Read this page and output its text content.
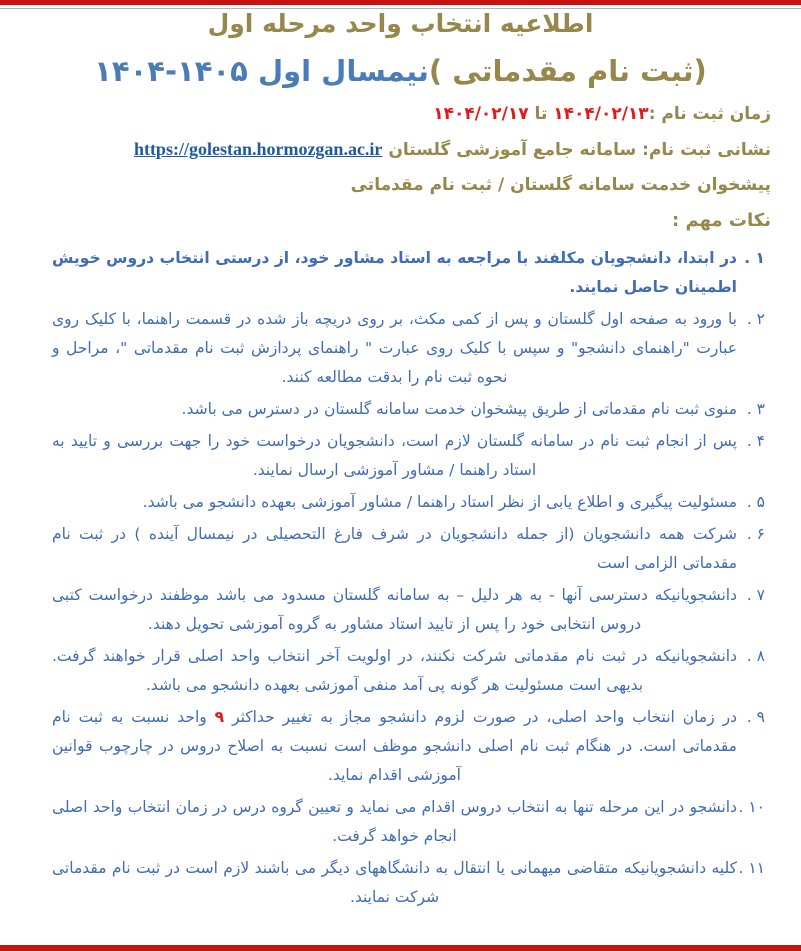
اطلاعیه انتخاب واحد مرحله اول
(ثبت نام مقدماتی )نیمسال اول ۱۴۰۵-۱۴۰۴
زمان ثبت نام :۱۴۰۴/۰۲/۱۳ تا ۱۴۰۴/۰۲/۱۷
نشانی ثبت نام: سامانه جامع آموزشی گلستان https://golestan.hormozgan.ac.ir
پیشخوان خدمت سامانه گلستان / ثبت نام مقدماتی
نکات مهم :
۱ .
در ابتدا، دانشجویان مکلفند با مراجعه به استاد مشاور خود، از درستی انتخاب دروس خویش اطمینان حاصل نمایند.
۲ .
با ورود به صفحه اول گلستان و پس از کمی مکث، بر روی دریچه باز شده در قسمت راهنما، با کلیک روی عبارت "راهنمای دانشجو" و سپس با کلیک روی عبارت " راهنمای پردازش ثبت نام مقدماتی "، مراحل و نحوه ثبت نام را بدقت مطالعه کنند.
۳ .
منوی ثبت نام مقدماتی از طریق پیشخوان خدمت سامانه گلستان در دسترس می باشد.
۴ .
پس از انجام ثبت نام در سامانه گلستان لازم است، دانشجویان درخواست خود را جهت بررسی و تایید به استاد راهنما / مشاور آموزشی ارسال نمایند.
۵ .
مسئولیت پیگیری و اطلاع یابی از نظر استاد راهنما / مشاور آموزشی بعهده دانشجو می باشد.
۶ .
شرکت همه دانشجویان (از جمله دانشجویان در شرف فارغ التحصیلی در نیمسال آینده ) در ثبت نام مقدماتی الزامی است
۷ .
دانشجویانیکه دسترسی آنها - به هر دلیل – به سامانه گلستان مسدود می باشد موظفند درخواست کتبی دروس انتخابی خود را پس از تایید استاد مشاور به گروه آموزشی تحویل دهند.
۸ .
دانشجویانیکه در ثبت نام مقدماتی شرکت نکنند، در اولویت آخر انتخاب واحد اصلی قرار خواهند گرفت. بدیهی است مسئولیت هر گونه پی آمد منفی آموزشی بعهده دانشجو می باشد.
۹ .
در زمان انتخاب واحد اصلی، در صورت لزوم دانشجو مجاز به تغییر حداکثر ۹ واحد نسبت به ثبت نام مقدماتی است. در هنگام ثبت نام اصلی دانشجو موظف است نسبت به اصلاح دروس در چارچوب قوانین آموزشی اقدام نماید.
۱۰ .
دانشجو در این مرحله تنها به انتخاب دروس اقدام می نماید و تعیین گروه درس در زمان انتخاب واحد اصلی انجام خواهد گرفت.
۱۱ .
کلیه دانشجویانیکه متقاضی میهمانی یا انتقال به دانشگاههای دیگر می باشند لازم است در ثبت نام مقدماتی شرکت نمایند.
